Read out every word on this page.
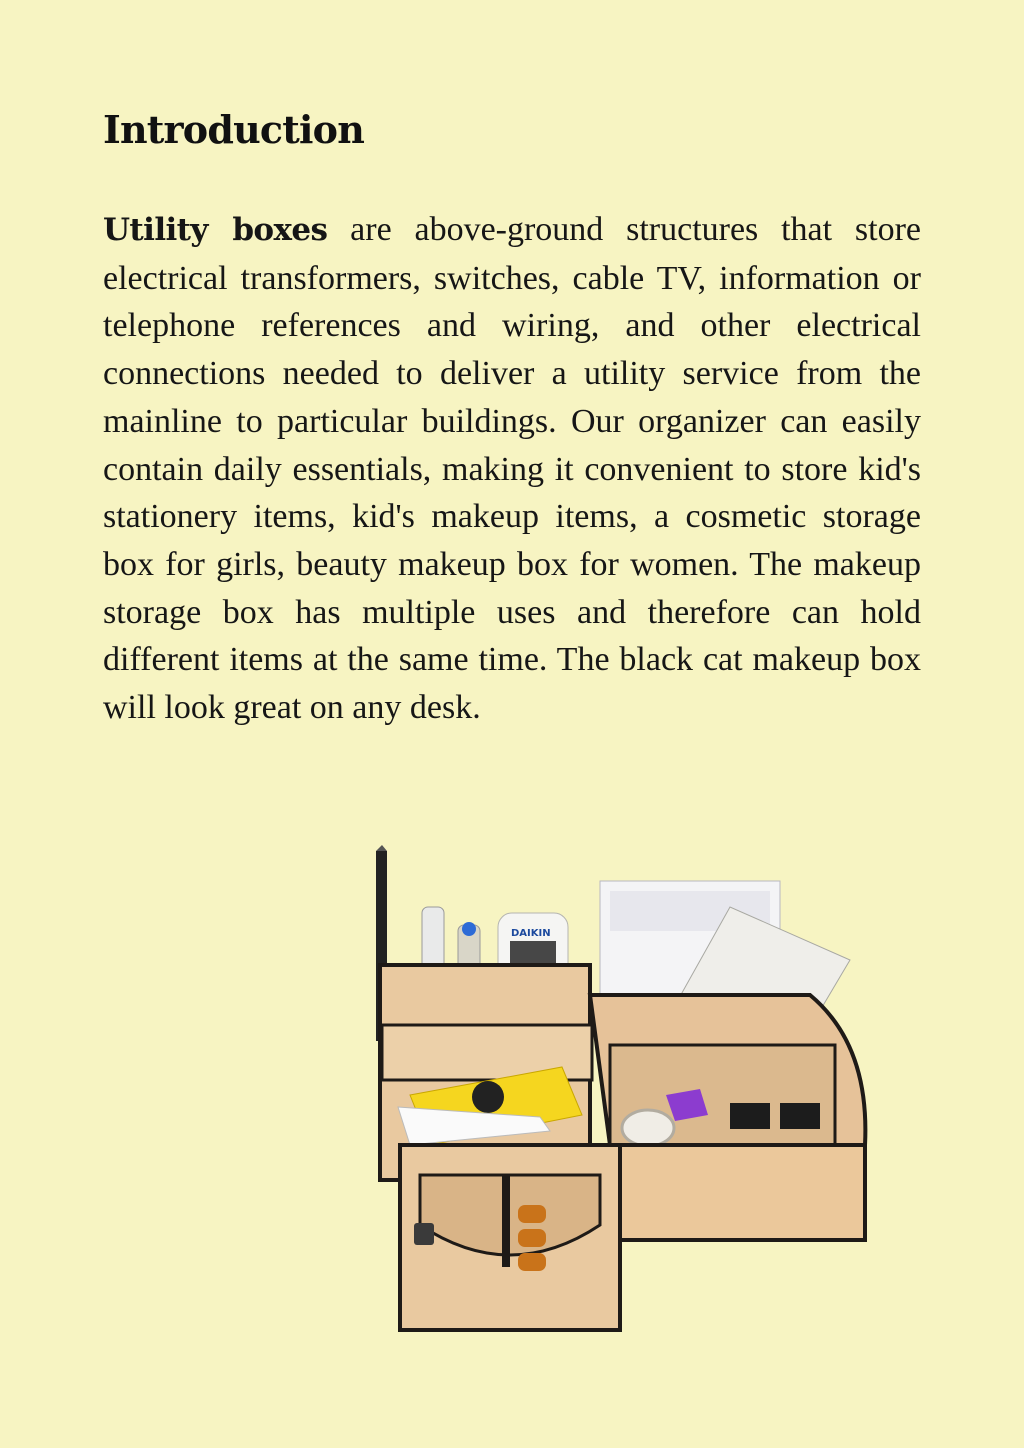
Introduction

Utility boxes are above-ground structures that store electrical transformers, switches, cable TV, information or telephone references and wiring, and other electrical connections needed to deliver a utility service from the mainline to particular buildings. Our organizer can easily contain daily essentials, making it convenient to store kid's stationery items, kid's makeup items, a cosmetic storage box for girls, beauty makeup box for women. The makeup storage box has multiple uses and therefore can hold different items at the same time. The black cat makeup box will look great on any desk.

DAIKIN
